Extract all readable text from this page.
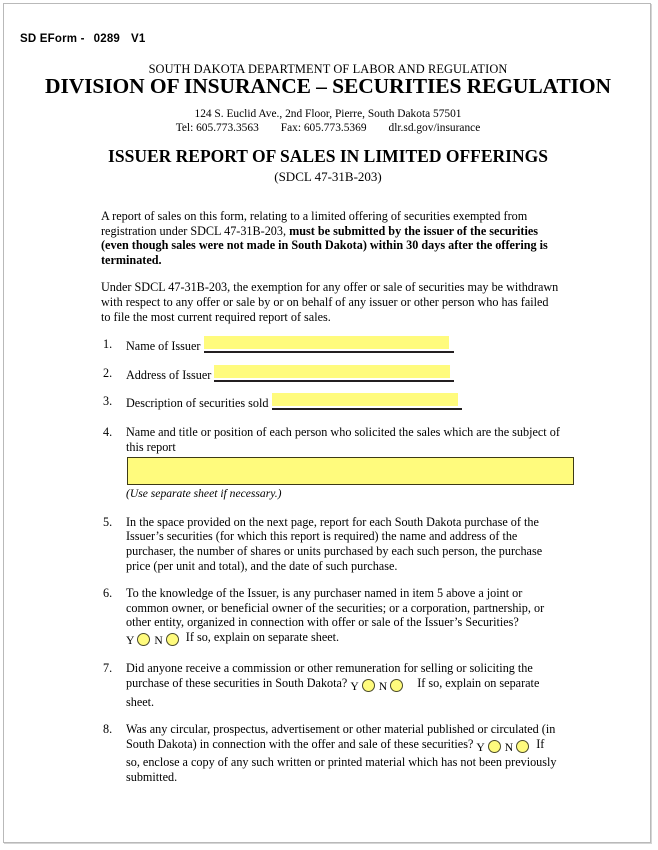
SD EForm - 0289 V1
SOUTH DAKOTA DEPARTMENT OF LABOR AND REGULATION
DIVISION OF INSURANCE – SECURITIES REGULATION
124 S. Euclid Ave., 2nd Floor, Pierre, South Dakota 57501
Tel: 605.773.3563 Fax: 605.773.5369 dlr.sd.gov/insurance
ISSUER REPORT OF SALES IN LIMITED OFFERINGS
(SDCL 47-31B-203)
A report of sales on this form, relating to a limited offering of securities exempted from registration under SDCL 47-31B-203, must be submitted by the issuer of the securities (even though sales were not made in South Dakota) within 30 days after the offering is terminated.
Under SDCL 47-31B-203, the exemption for any offer or sale of securities may be withdrawn with respect to any offer or sale by or on behalf of any issuer or other person who has failed to file the most current required report of sales.
1.	Name of Issuer
2.	Address of Issuer
3.	Description of securities sold
4.	Name and title or position of each person who solicited the sales which are the subject of this report
(Use separate sheet if necessary.)
5.	In the space provided on the next page, report for each South Dakota purchase of the Issuer’s securities (for which this report is required) the name and address of the purchaser, the number of shares or units purchased by each such person, the purchase price (per unit and total), and the date of such purchase.
6.	To the knowledge of the Issuer, is any purchaser named in item 5 above a joint or common owner, or beneficial owner of the securities; or a corporation, partnership, or other entity, organized in connection with offer or sale of the Issuer’s Securities? Y N If so, explain on separate sheet.
7.	Did anyone receive a commission or other remuneration for selling or soliciting the purchase of these securities in South Dakota? Y N If so, explain on separate sheet.
8.	Was any circular, prospectus, advertisement or other material published or circulated (in South Dakota) in connection with the offer and sale of these securities? Y N If so, enclose a copy of any such written or printed material which has not been previously submitted.
